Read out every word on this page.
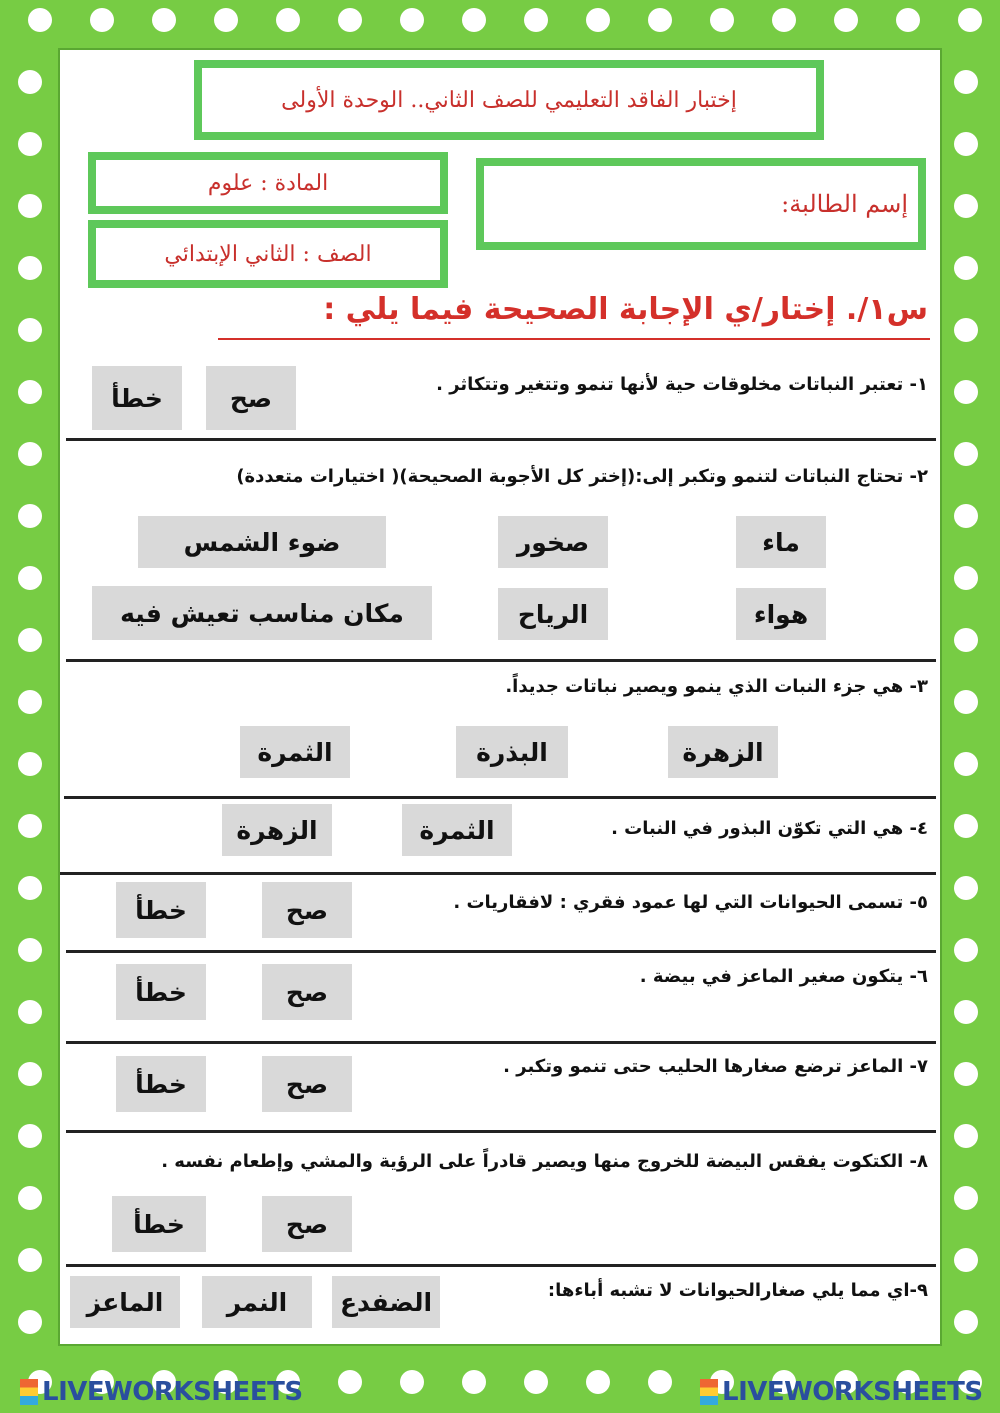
إختبار الفاقد التعليمي للصف الثاني.. الوحدة الأولى
المادة : علوم
الصف : الثاني الإبتدائي
إسم الطالبة:
س١/. إختار/ي الإجابة الصحيحة فيما يلي :
١- تعتبر النباتات مخلوقات حية لأنها تنمو وتتغير وتتكاثر .
صح
خطأ
٢- تحتاج النباتات لتنمو وتكبر إلى:(إختر كل الأجوبة الصحيحة)( اختيارات متعددة)
ماء
صخور
ضوء الشمس
هواء
الرياح
مكان مناسب تعيش فيه
٣- هي جزء النبات الذي ينمو ويصير نباتات جديداً.
الزهرة
البذرة
الثمرة
٤- هي التي تكوّن البذور في النبات .
الثمرة
الزهرة
٥- تسمى الحيوانات التي لها عمود فقري : لافقاريات .
صح
خطأ
٦- يتكون صغير الماعز في بيضة .
صح
خطأ
٧- الماعز ترضع صغارها الحليب حتى تنمو وتكبر .
صح
خطأ
٨- الكتكوت يفقس البيضة للخروج منها ويصير قادراً على الرؤية والمشي وإطعام نفسه .
صح
خطأ
٩-اي مما يلي صغارالحيوانات لا تشبه أباءها:
الضفدع
النمر
الماعز
LIVEWORKSHEETS	LIVEWORKSHEETS
